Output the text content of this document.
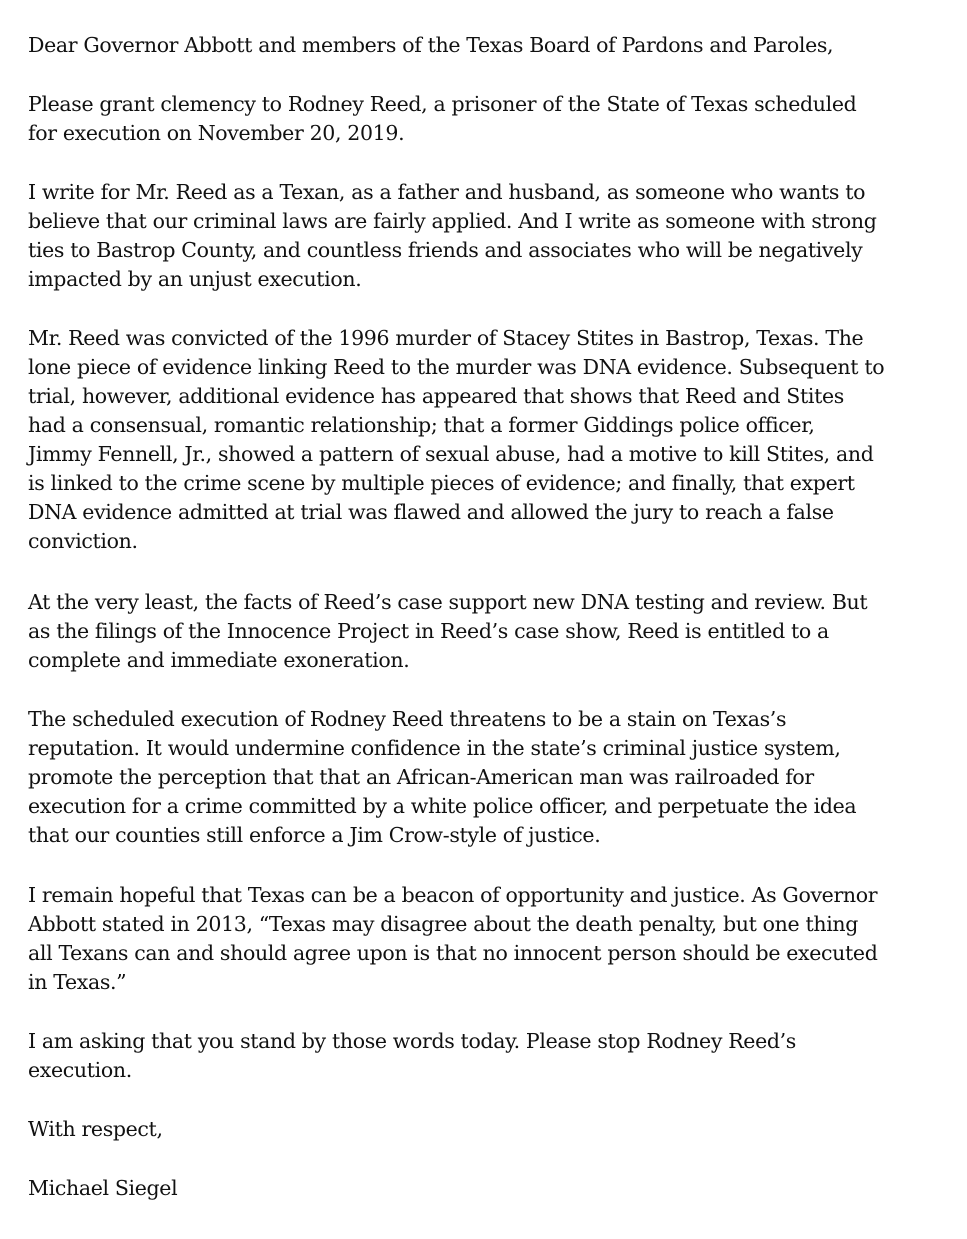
Dear Governor Abbott and members of the Texas Board of Pardons and Paroles,
Please grant clemency to Rodney Reed, a prisoner of the State of Texas scheduled
for execution on November 20, 2019.
I write for Mr. Reed as a Texan, as a father and husband, as someone who wants to
believe that our criminal laws are fairly applied. And I write as someone with strong
ties to Bastrop County, and countless friends and associates who will be negatively
impacted by an unjust execution.
Mr. Reed was convicted of the 1996 murder of Stacey Stites in Bastrop, Texas. The
lone piece of evidence linking Reed to the murder was DNA evidence. Subsequent to
trial, however, additional evidence has appeared that shows that Reed and Stites
had a consensual, romantic relationship; that a former Giddings police officer,
Jimmy Fennell, Jr., showed a pattern of sexual abuse, had a motive to kill Stites, and
is linked to the crime scene by multiple pieces of evidence; and finally, that expert
DNA evidence admitted at trial was flawed and allowed the jury to reach a false
conviction.
At the very least, the facts of Reed’s case support new DNA testing and review. But
as the filings of the Innocence Project in Reed’s case show, Reed is entitled to a
complete and immediate exoneration.
The scheduled execution of Rodney Reed threatens to be a stain on Texas’s
reputation. It would undermine confidence in the state’s criminal justice system,
promote the perception that that an African-American man was railroaded for
execution for a crime committed by a white police officer, and perpetuate the idea
that our counties still enforce a Jim Crow-style of justice.
I remain hopeful that Texas can be a beacon of opportunity and justice. As Governor
Abbott stated in 2013, “Texas may disagree about the death penalty, but one thing
all Texans can and should agree upon is that no innocent person should be executed
in Texas.”
I am asking that you stand by those words today. Please stop Rodney Reed’s
execution.
With respect,
Michael Siegel
